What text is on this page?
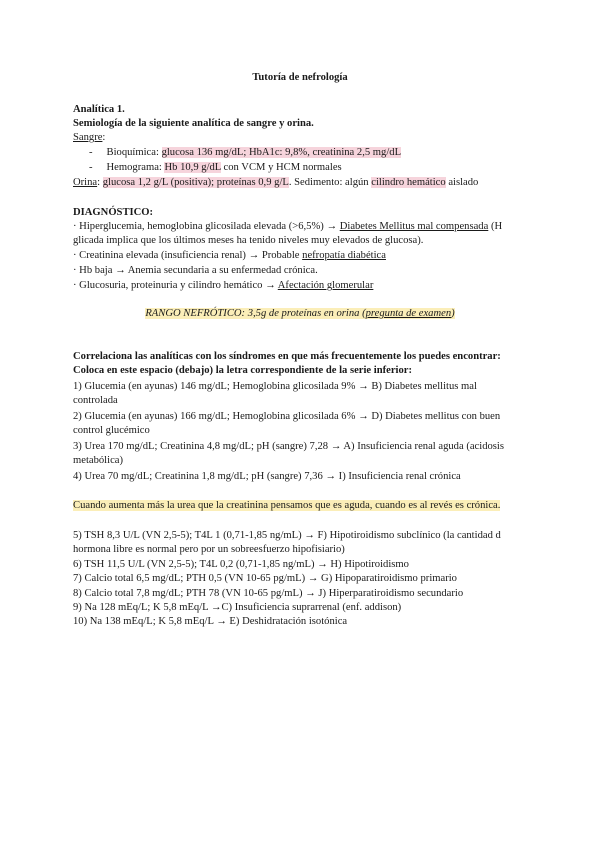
Tutoría de nefrología
Analítica 1.
Semiología de la siguiente analítica de sangre y orina.
Sangre:
- Bioquímica: glucosa 136 mg/dL; HbA1c: 9,8%, creatinina 2,5 mg/dL
- Hemograma: Hb 10,9 g/dL con VCM y HCM normales
Orina: glucosa 1,2 g/L (positiva); proteínas 0,9 g/L. Sedimento: algún cilindro hemático aislado
DIAGNÓSTICO:
· Hiperglucemia, hemoglobina glicosilada elevada (>6,5%) → Diabetes Mellitus mal compensada (H
glicada implica que los últimos meses ha tenido niveles muy elevados de glucosa).
· Creatinina elevada (insuficiencia renal) → Probable nefropatía diabética
· Hb baja → Anemia secundaria a su enfermedad crónica.
· Glucosuria, proteinuria y cilindro hemático → Afectación glomerular
RANGO NEFRÓTICO: 3,5g de proteínas en orina (pregunta de examen)
Correlaciona las analíticas con los síndromes en que más frecuentemente los puedes encontrar:
Coloca en este espacio (debajo) la letra correspondiente de la serie inferior:
1) Glucemia (en ayunas) 146 mg/dL; Hemoglobina glicosilada 9% → B) Diabetes mellitus mal
controlada
2) Glucemia (en ayunas) 166 mg/dL; Hemoglobina glicosilada 6% → D) Diabetes mellitus con buen
control glucémico
3) Urea 170 mg/dL; Creatinina 4,8 mg/dL; pH (sangre) 7,28 → A) Insuficiencia renal aguda (acidosis
metabólica)
4) Urea 70 mg/dL; Creatinina 1,8 mg/dL; pH (sangre) 7,36 → I) Insuficiencia renal crónica
Cuando aumenta más la urea que la creatinina pensamos que es aguda, cuando es al revés es crónica.
5) TSH 8,3 U/L (VN 2,5-5); T4L 1 (0,71-1,85 ng/mL) → F) Hipotiroidismo subclínico (la cantidad d
hormona libre es normal pero por un sobreesfuerzo hipofisiario)
6) TSH 11,5 U/L (VN 2,5-5); T4L 0,2 (0,71-1,85 ng/mL) → H) Hipotiroidismo
7) Calcio total 6,5 mg/dL; PTH 0,5 (VN 10-65 pg/mL) → G) Hipoparatiroidismo primario
8) Calcio total 7,8 mg/dL; PTH 78 (VN 10-65 pg/mL) → J) Hiperparatiroidismo secundario
9) Na 128 mEq/L; K 5,8 mEq/L →C) Insuficiencia suprarrenal (enf. addison)
10) Na 138 mEq/L; K 5,8 mEq/L → E) Deshidratación isotónica
